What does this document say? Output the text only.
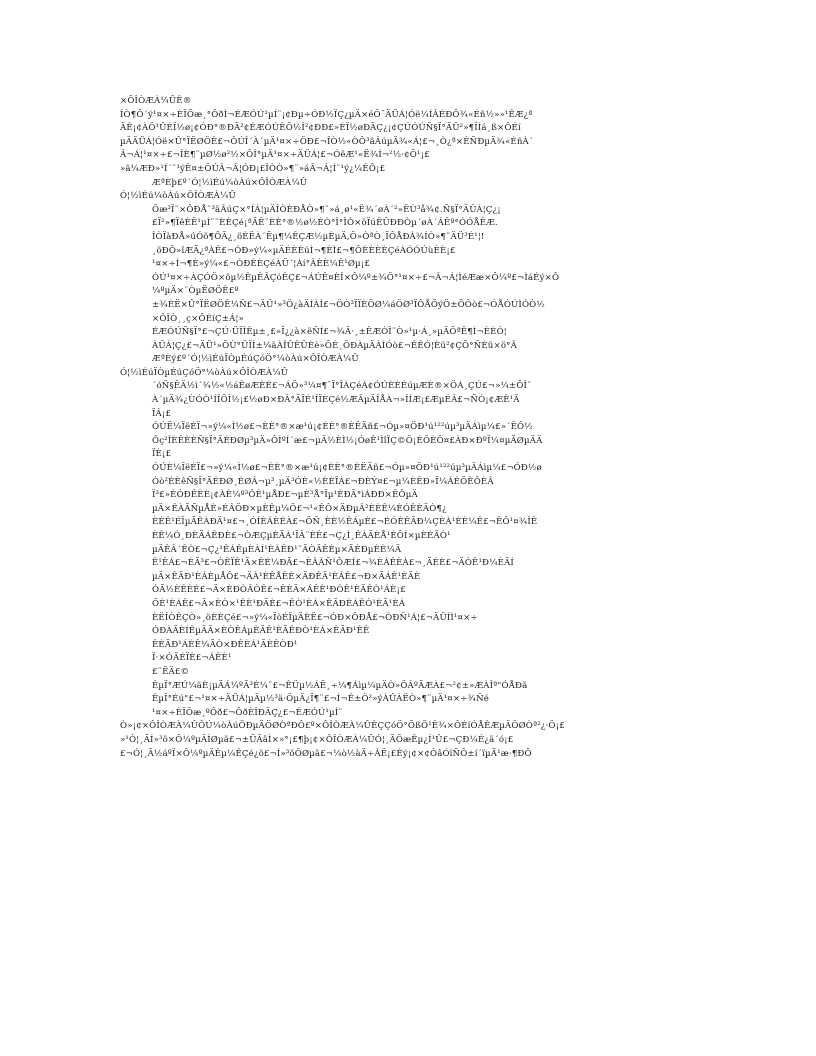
×ÔÎÒÆÀ¼ÛÊ®
ÎÒ¶Ô´ý¹¤×÷ÈÏÕæ¸°ÔðÌ¬ÉÆÓÚ¹µÍ¨¡¢Ðµ÷ÓÐ½ÏÇ¿µÄ×éÖ¯ÄÜÁ¦Óë¼ÍÂÉÐÔ¾«Éñ½»»¹ÊÆ¿ª
ÄÊ¡¢ÀÖ¹ÛÉÏ½ø¡¢ÓÐ°®ÐÄ²¢ÉÆÓÚÊÕ½Î²¢ÐÐ£»ÉÏ½øÐÄÇ¿¡¢ÇÚÓÚÑ§Ï°ÄÜ²»¶ÏÌá¸ß×ÔÉí
µÄÄÜÁ¦Óë×Û°ÏËØÖÊ£¬ÔÚÎ´À´µÄ¹¤×÷ÖÐ£¬ÎÒ½«ÒÔ³äÂúµÄ¾«Á¦£¬¸Ò¿ª×ÊÑÐµÄ¾«ÉñÀ´
Â¬Á¦¹¤×÷£¬ÎÈ¶¨µØ½ø²½×ÔÎ°µÄ¹¤×÷ÄÜÁ¦£¬ÓëÆ¹«Ë¾Í¬²½·¢Õ¹¡£
»ã¼ÆÐ»¹Í´¨¹ýÊ¤±ÖÚÂ¬Â¦ÓÐ¡£ÎÒÒ»¶¨»áÂ¬Â¦Í¨¹ý¿¼ÊÔ¡£
ÆªÈþ£º´Ó¦½ìÉú¼òÀú×ÔÎÒÆÀ¼Û
Ó¦½ìÉú¼òÀú×ÔÎÒÆÀ¼Û
Õæ³Ï¨×ÔÐÅ¨³äÂúÇ×°ÍÁ¦µÄÎÒÈÐÅÒ»¶¨»á¸ø¹«Ë¾´øÀ´²»ËÙ³å¾¢.Ñ§Ï°ÄÜÁ¦Ç¿¡
£Ï²»¶ÏêÈË¹µÍ¨¨ÈÈÇé¡ªÄÊ¨ÈÈ°®½ø½ÉÒ°Î°ÎÒ×öÏúÊÛÐÐÒµ´øÀ´ÁËº°ÓÓÅÊÆ.
ÎÒÏàÐÅ»úÓö¶ÔÃ¿¸öÈËÀ´Ëµ¶¼ÊÇÆ½µÈµÄ,Ö»ÒªÒ¸ÏÔÅÐÀ¾ÍÒ»¶¨ÄÜ³É¹¦!
¸öÐÔ»îÆÃ¿ªÀÊ£¬ÓÐ»ý¼«µÄÉÈÉúÌ¬¶ÈÌ£¬¶ÔÈÈÈÈÇéÀÓÓÚùÈÈ¡£
¹¤×÷Ì¬¶È»ý¼«£¬ÓÐÈÈÇéÀÜ´¦Àí°ÂÈÈ¼Ê¹Øµ¡£
ÓÚ¹¤×÷ÀÇÓÖ×öµ½ÊµÊÂÇóÊÇ£¬ÁÚÊ¤ÈÎ×Ô¼º±¾Ö°¹¤×÷£¬Â¬Á¦ÌéÆæ×Ô¼º£¬ÌáÉý×Ô
¼ºµÄ×¨ÒµËØÖÊ£º
±¾ÈË×Û°ÏËØÖÊ¼Ñ£¬ÄÜ¹»³Ö¿àÄÍÀÍ£¬ÖÒ³ÏÏÈÖØ¼áÖØ³ÏÔÅÕýÖ±ÔÔò£¬ÓÅÓÚÌÓÒ½
×ÔÎÒ¸¸ç×ÔÉíÇ±Á¦»
ÉÆÓÚÑ§Ï°£¬ÇÚ·ÜÏÎÊµ±¸£»Ï¿¿à×ëÑÍ£¬¾Ã·¸±ÊÆÒÎ¨Ò»¹µ·Á¸»µÄÕªÊ¶Ì¬ÈÈÓ¦
ÀÜÁ¦Ç¿£¬ÄÜ¹»ÕÙ°ÜÏÌ±¼ãÀÎÛÊÛÈè»ÕÈ¸ÕÐÀµÄÀÌÓò£¬ÊÊÓ¦Èü²¢ÇÕ°ÑÈü×ö°Â
ÆªÈý£º´Ó¦½ìÉúÏÒµÉúÇóÖ°¼òÀú×ÔÎÒÆÀ¼Û
Ó¦½ìÉúÏÒµÉúÇóÖ°¼òÀú×ÔÎÒÆÀ¼Û
´óÑ§ËÄ½ì´¾½«½áÊøÆÈÉ£¬ÁÕ»³¼¤¶¯Ï°ÎÀÇéÁ¢ÓÚÈÈÉúµÆÈ®×ÖÁ¸ÇÚ£¬»¼±ÔÎ¨
À´µÄ¾¿ÙÓÒ¹ÍÎÕÎ½¡£½øÐ×ÐÂ°ÃÏÉ¹ÎÏÈÇé½ÆÂµÄÎÅÀ¬»ÎÍÆ¡£ÆµÉÂ£¬ÑÓ¡¢ÆÊ¹Ã
ÏÂ¡£
ÓÚË¼ÏëÉÏ¬»ý¼«Ì½ø£¬ÈÈ°®×æ¹ú¡¢ÈÈ°®ÈËÃñ£¬Óµ»¤ÖÐ¹ú¹²²úµ³µÄÁìµ¼£»´ËÔ½
Ôç²ÎÈÊÈÈÑ§Ï°ÃÉÐØµ³µÄ»ÔÌºÍ´æ£¬µÄ½ÈÌ½¡ÓøÊ¹ÌîÏÇ©Ö¡ÈÕÈÔ¤£ÀÐ×ÐºÏ¼¤µÄØµÃÄ
ÏÈ¡£
ÓÚÈ¼ÏëÉÏ£¬»ý¼«Ì½ø£¬ÈÈ°®×æ¹ú¡¢ÈÈ°®ÈËÃñ£¬Óµ»¤ÖÐ¹ú¹²²úµ³µÄÁìµ¼£¬ÓÐ½ø
Òò²ÉÈêÑ§Ï°ÃÉÐØ¸ÉØÂ¬µ³¸µÄ³ÓÈ«½ÈÈÏÁ£¬ÐÈÝ¤£¬µ¼ÈÊÐ»Ï¼ÀÉÕÊÔÈÂ
Ï³£»ÈÓÐÊÈÈ¡¢ÀÈ¼º³ÔÈ¹µÅÐ£¬µÈ³Å°Ïµ¹ÈÐÃ°ìÁÐÐ×ÊÔµÄ
µÄ×ÊÀÃÑµÅÈ»ÉÂÖÐ×µÈÊµ¼Ö£¬¹«ÊÔ×ÄÐµÂ²ÈÈÊ¼ÈÓÊÈÃÒ¶¿
ÈÉÊ¹ÉÏµÃÊÀÐÄ¹¤£¬¸ÓÍÈÁÈÉÀ£¬ÖÑ¸ÈÈ½ÊÁµÈ£¬ÉÓÈÊÃÐ¼ÇÈÀ¹ÈÈ¼Ê£¬ÊÔ¹¤¾ÎÊ
ÈÊ¼Ó¸ÐÈÃÁÊÐÈ£¬ÒÆÇµÈÃÀ¹ÏÂ¨ÈÊ£¬Ç¿Ì¸ÊÀÃÈÅ¹ÈÔÍ×µÈÉÃÒ¹
µÄÊÂ´ÊÒ£¬Ç¿¹ÊÁÊµÈÀÍ¹ÈÀÊÐ¹¨ÃÒÄÊÈµ×ÄÈÐµÈÈ¼Ã
Ê¹ÊÁ£¬ÈÃ³£¬ÒÊÏÊ¹Ã×ÊÉ¼ÐÃ£¬ÈÂÁÑ¹ÔÆÍ£¬¾ÈÁÊÈÀ£¬¸ÃÉÈ£¬ÃÒÊ¹Ð¼ÈÃÍ
µÄ×ÊÃÐ¹ÈÁÈµÅÔ£¬ÄÀ¹ÈÊÅÊÈ×ÃÐÊÃ¹ÈÁÊ£¬Ð×ÃÁÊ¹ÈÃÈ
ÓÃ½ÈÊÈÉ£¬Ä×ÈÐÒÂÒÊ£¬ÊÈÃ×ÁÊÈ¹ÐÒÊ¹ÈÃÊÒ¹ÁÈ¡£
ÕÈ¹ÈÁÊ£¬Ã×ÈÒ×¹ÊÈ¹ÐÃÈ£¬ÊÒ¹ÈÁ×ÊÃÐÈÁÊÒ¹ÈÃ¹ÈÁ
ÈËÎÒÊÇÒ»¸öÈÈÇé£¬»ý¼«ÏòÉÏµÄÈË£¬ÓÐ×ÔÐÅ£¬ÓÐÑ¹Á¦£¬ÄÜÍÌ¹¤×÷
ÓÐÀÃÈÍÊµÄÃ×ÈÒÊÁµÈÄÊ¹ÈÃÊÐÒ¹ÈÁ×ÊÃÐ¹ÈÊ
ÊÈÃÐ¹ÁÈÊ¼ÃÒ×ÐÊÈÁ¹ÃÈÊÒÐ¹
Ï·×ÓÃÉÏÈ£¬ÁÊÈ¹
£¨ËÄ£©
ÊµÏ°ÆÚ¼äÈ¡µÃÁ¼ºÃ³É¼¨£¬ÊÜµ½ÁË¸÷¼¶Áìµ¼µÄÒ»ÖÂºÃÆÀ£¬²¢±»ÆÀÎª"ÓÅÐã
ÊµÏ°Éú"£¬¹¤×÷ÄÜÁ¦µÃµ½³ä·ÖµÄ¿Ï¶¨£¬Í¬Ê±Ò²»ýÀÛÁËÒ»¶¨µÄ¹¤×÷¾Ñé
¹¤×÷ÈÏÕæ¸ºÔð£¬ÔðÈÎÐÄÇ¿£¬ÉÆÓÚ¹µÍ¨
Ò»¡¢×ÔÎÒÆÀ¼ÛÔÚ¼òÀúÖÐµÄÖØÒªÐÔ£º×ÔÎÒÆÀ¼ÛÊÇÇóÖ°ÕßÕ¹Ê¾×ÔÉíÓÅÊÆµÄÖØÒª²¿·Ö¡£
»¹Ó¦¸ÃÍ»³ö×Ô¼ºµÄÌØµã£¬±ÜÃâÌ×»°¡£¶þ¡¢×ÔÎÒÆÀ¼ÛÓ¦¸ÃÕæÊµ¿Í¹Û£¬ÇÐ¼É¿ä´ó¡£
£¬Ó¦¸Ã½áºÏ×Ô¼ºµÄÊµ¼ÊÇé¿ö£¬Í»³öÖØµã£¬¼ò½àÃ÷ÁË¡£Èý¡¢×¢ÒâÓïÑÔ±í´ïµÄ¹æ·¶ÐÔ
